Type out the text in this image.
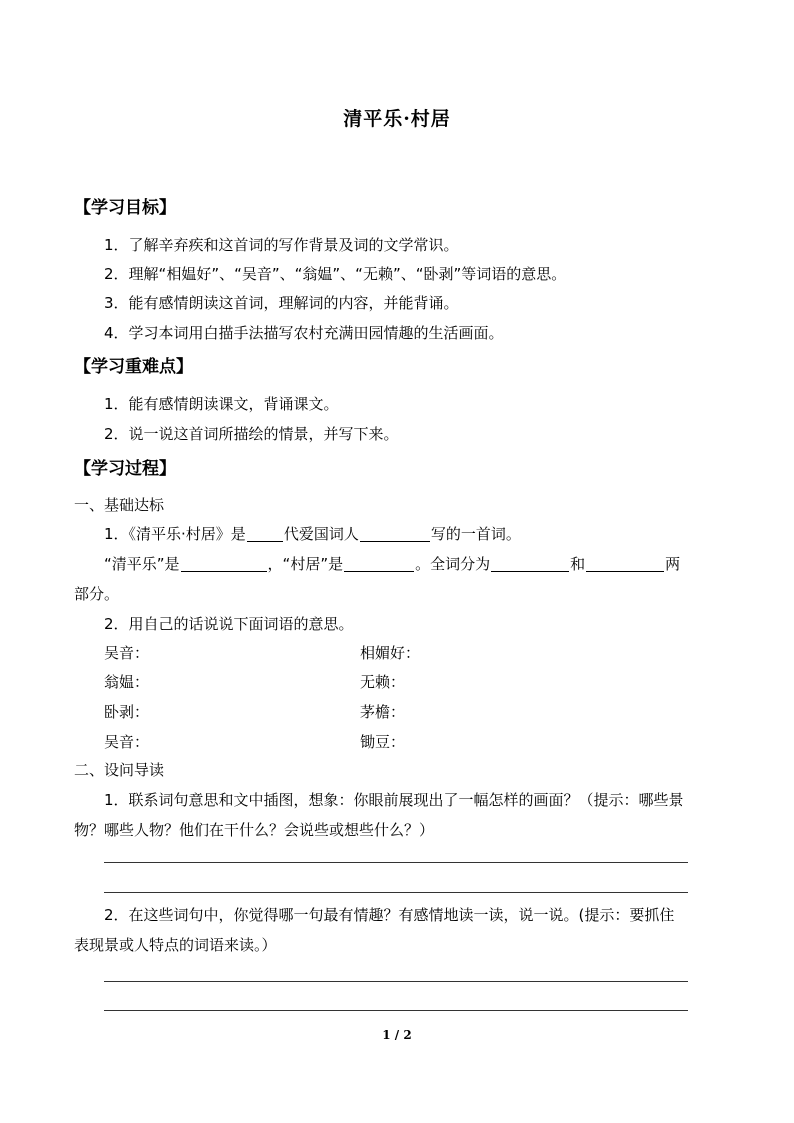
清平乐·村居
【学习目标】
1．了解辛弃疾和这首词的写作背景及词的文学常识。
2．理解“相媪好”、“吴音”、“翁媪”、“无赖”、“卧剥”等词语的意思。
3．能有感情朗读这首词，理解词的内容，并能背诵。
4．学习本词用白描手法描写农村充满田园情趣的生活画面。
【学习重难点】
1．能有感情朗读课文，背诵课文。
2．说一说这首词所描绘的情景，并写下来。
【学习过程】
一、基础达标
1．《清平乐·村居》是	代爱国词人	写的一首词。
“清平乐”是	，“村居”是	。全词分为	和	两
部分。
2．用自己的话说说下面词语的意思。
吴音：	相媚好：
翁媪：	无赖：
卧剥：	茅檐：
吴音：	锄豆：
二、设问导读
1．联系词句意思和文中插图，想象：你眼前展现出了一幅怎样的画面？（提示：哪些景
物？哪些人物？他们在干什么？会说些或想些什么？）
2．在这些词句中，你觉得哪一句最有情趣？有感情地读一读，说一说。(提示：要抓住
表现景或人特点的词语来读。）
1 / 2
